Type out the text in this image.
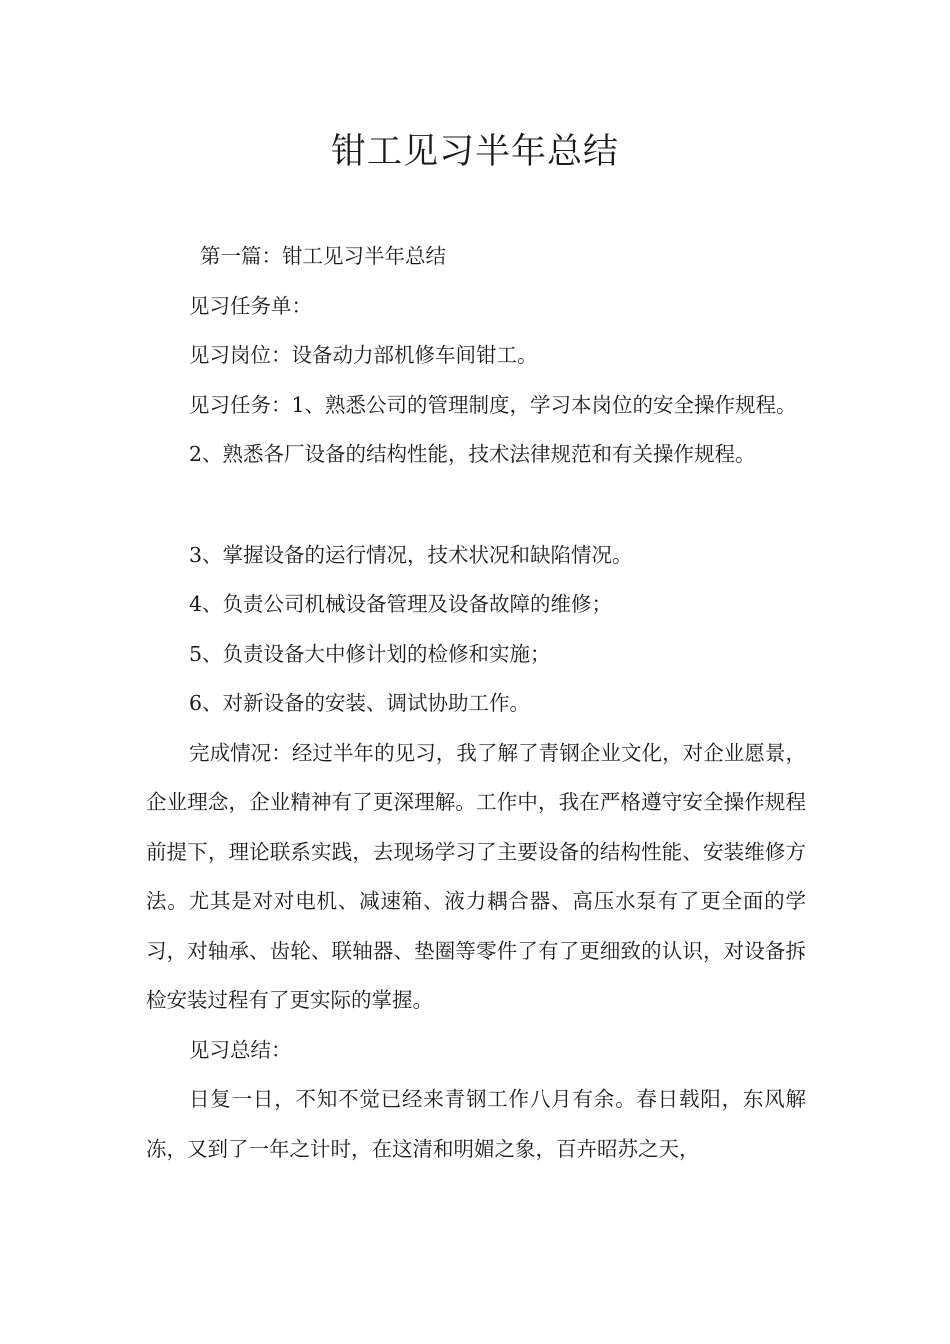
钳工见习半年总结

第一篇：钳工见习半年总结

见习任务单：

见习岗位：设备动力部机修车间钳工。

见习任务：1、熟悉公司的管理制度，学习本岗位的安全操作规程。

2、熟悉各厂设备的结构性能，技术法律规范和有关操作规程。

3、掌握设备的运行情况，技术状况和缺陷情况。

4、负责公司机械设备管理及设备故障的维修；

5、负责设备大中修计划的检修和实施；

6、对新设备的安装、调试协助工作。

完成情况：经过半年的见习，我了解了青钢企业文化，对企业愿景，企业理念，企业精神有了更深理解。工作中，我在严格遵守安全操作规程前提下，理论联系实践，去现场学习了主要设备的结构性能、安装维修方法。尤其是对对电机、减速箱、液力耦合器、高压水泵有了更全面的学习，对轴承、齿轮、联轴器、垫圈等零件了有了更细致的认识，对设备拆检安装过程有了更实际的掌握。

见习总结：

日复一日，不知不觉已经来青钢工作八月有余。春日载阳，东风解冻，又到了一年之计时，在这清和明媚之象，百卉昭苏之天，
